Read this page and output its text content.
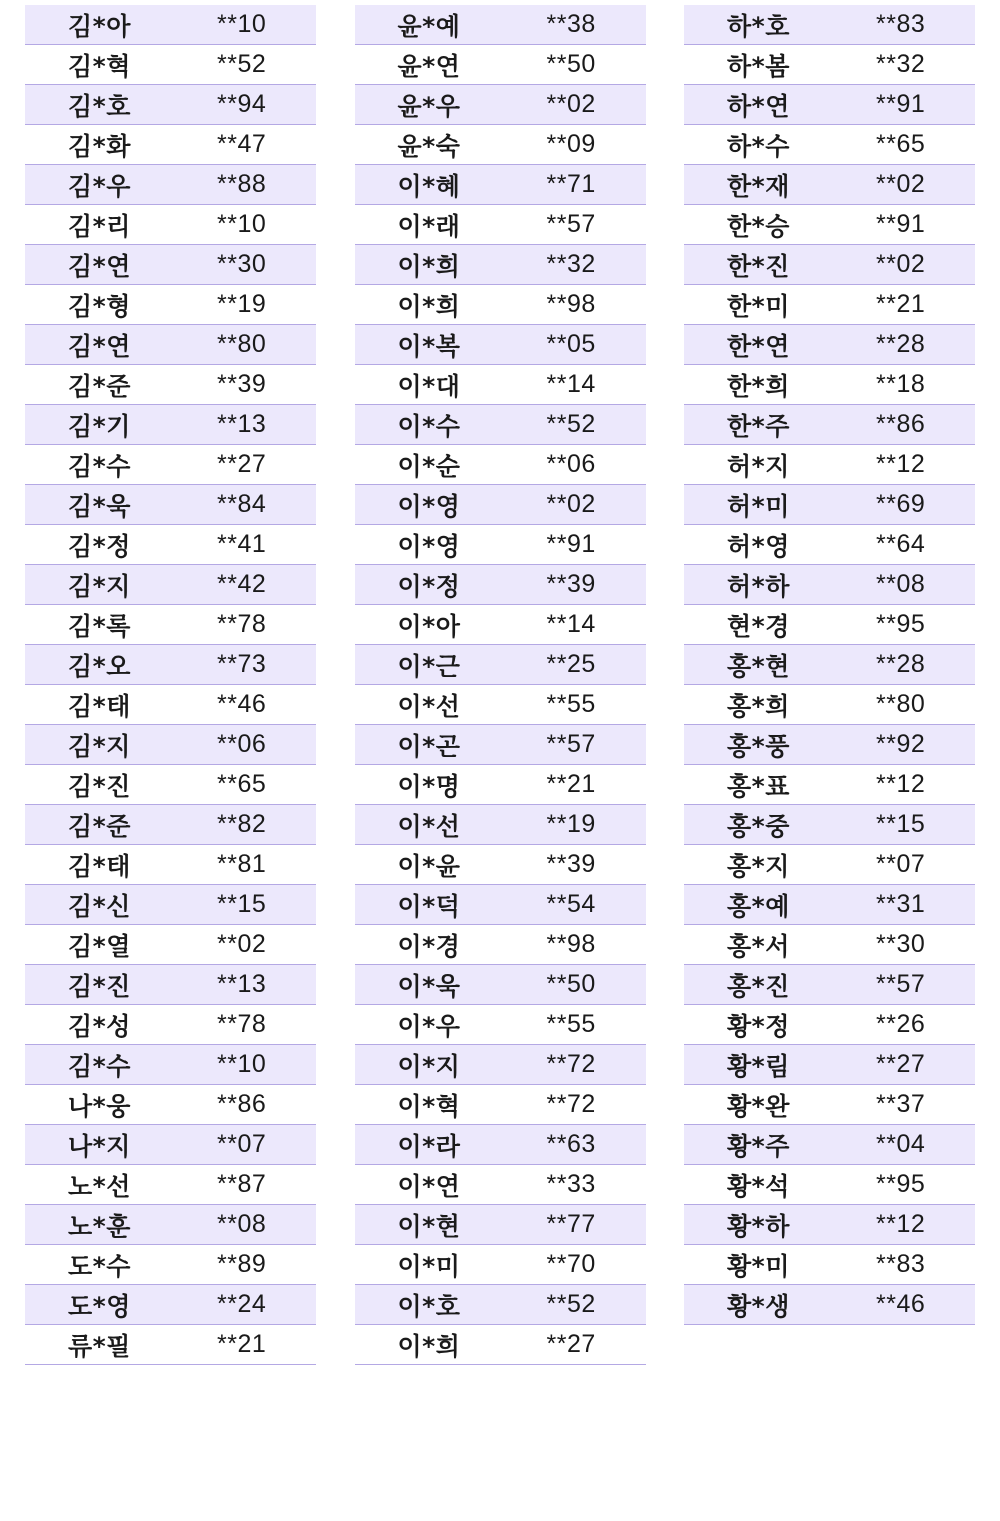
김*아	**10
김*혁	**52
김*호	**94
김*화	**47
김*우	**88
김*리	**10
김*연	**30
김*형	**19
김*연	**80
김*준	**39
김*기	**13
김*수	**27
김*욱	**84
김*정	**41
김*지	**42
김*록	**78
김*오	**73
김*태	**46
김*지	**06
김*진	**65
김*준	**82
김*태	**81
김*신	**15
김*열	**02
김*진	**13
김*성	**78
김*수	**10
나*웅	**86
나*지	**07
노*선	**87
노*훈	**08
도*수	**89
도*영	**24
류*필	**21
윤*예	**38
윤*연	**50
윤*우	**02
윤*숙	**09
이*혜	**71
이*래	**57
이*희	**32
이*희	**98
이*복	**05
이*대	**14
이*수	**52
이*순	**06
이*영	**02
이*영	**91
이*정	**39
이*아	**14
이*근	**25
이*선	**55
이*곤	**57
이*명	**21
이*선	**19
이*윤	**39
이*덕	**54
이*경	**98
이*욱	**50
이*우	**55
이*지	**72
이*혁	**72
이*라	**63
이*연	**33
이*현	**77
이*미	**70
이*호	**52
이*희	**27
하*호	**83
하*봄	**32
하*연	**91
하*수	**65
한*재	**02
한*승	**91
한*진	**02
한*미	**21
한*연	**28
한*희	**18
한*주	**86
허*지	**12
허*미	**69
허*영	**64
허*하	**08
현*경	**95
홍*현	**28
홍*희	**80
홍*풍	**92
홍*표	**12
홍*중	**15
홍*지	**07
홍*예	**31
홍*서	**30
홍*진	**57
황*정	**26
황*림	**27
황*완	**37
황*주	**04
황*석	**95
황*하	**12
황*미	**83
황*생	**46
